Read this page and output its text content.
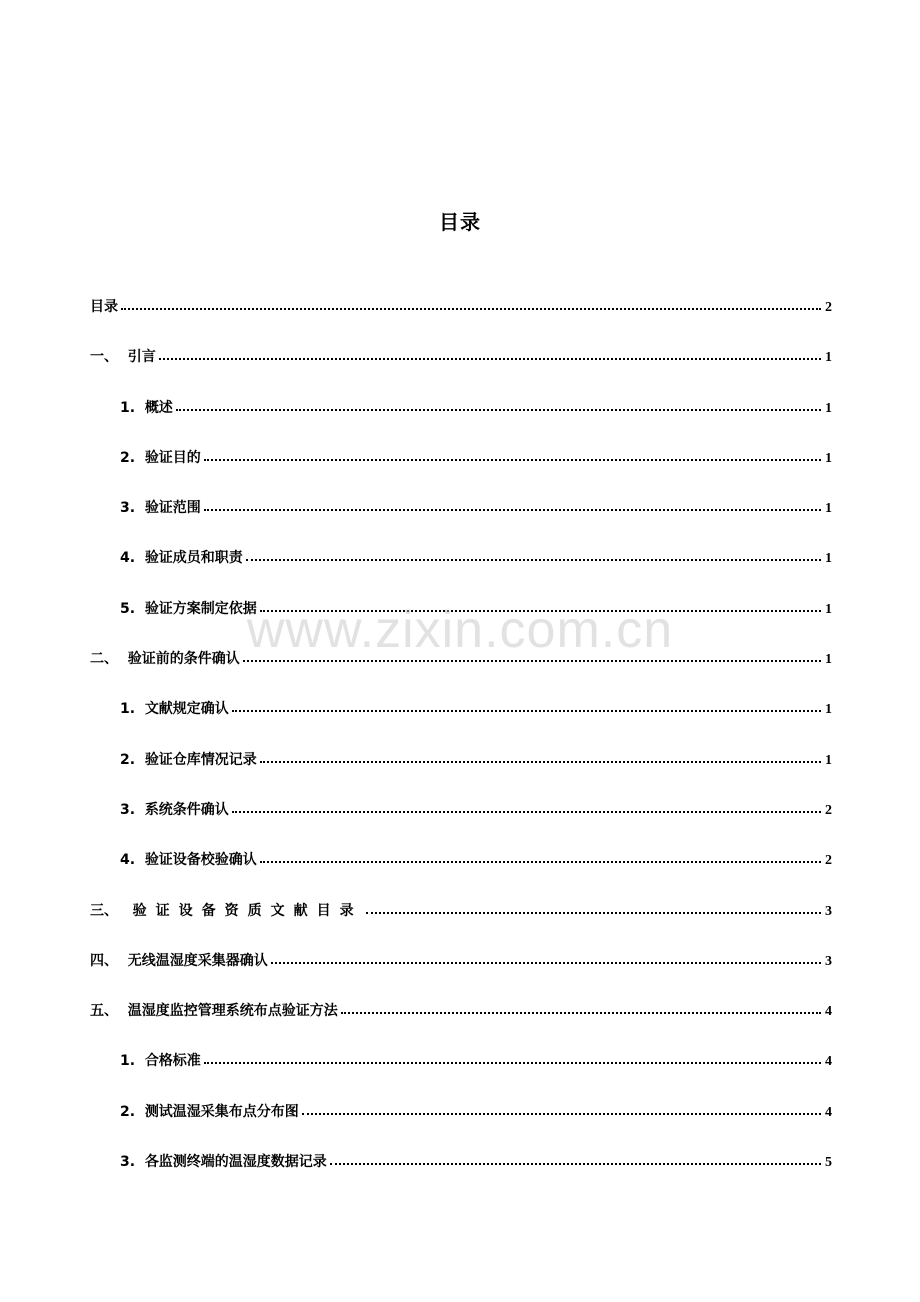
目录
目录	2
一、 引言	1
1. 概述	1
2. 验证目的	1
3. 验证范围	1
4. 验证成员和职责	1
5. 验证方案制定依据	1
二、 验证前的条件确认	1
1. 文献规定确认	1
2. 验证仓库情况记录	1
3. 系统条件确认	2
4. 验证设备校验确认	2
三、 验证设备资质文献目录	3
四、 无线温湿度采集器确认	3
五、 温湿度监控管理系统布点验证方法	4
1. 合格标准	4
2. 测试温湿采集布点分布图	4
3. 各监测终端的温湿度数据记录	5
www.zixin.com.cn
